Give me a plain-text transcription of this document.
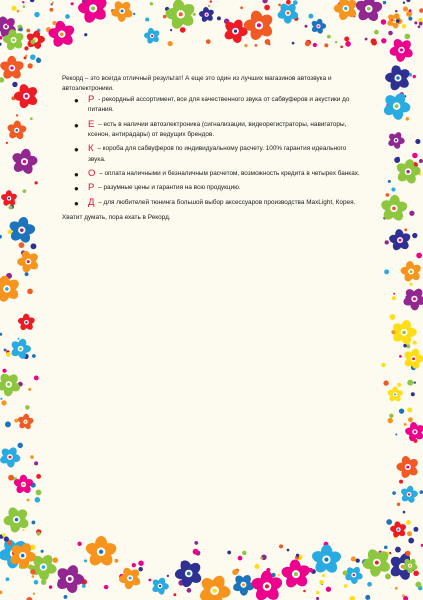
Рекорд – это всегда отличный результат! А еще это один из лучших магазинов автозвука и автоэлектроники.

● Р - рекордный ассортимент, все для качественного звука от сабвуферов и акустики до питания.
● Е – есть в наличии автоэлектроника (сигнализации, видеорегистраторы, навигаторы, ксенон, антирадары) от ведущих брендов.
● К – короба для сабвуферов по индивидуальному расчету. 100% гарантия идеального звука.
● О – оплата наличными и безналичным расчетом, возможность кредита в четырех банках.
● Р – разумные цены и гарантия на всю продукцию.
● Д – для любителей тюнинга большой выбор аксессуаров производства MaxLight, Корея.

Хватит думать, пора ехать в Рекорд.
